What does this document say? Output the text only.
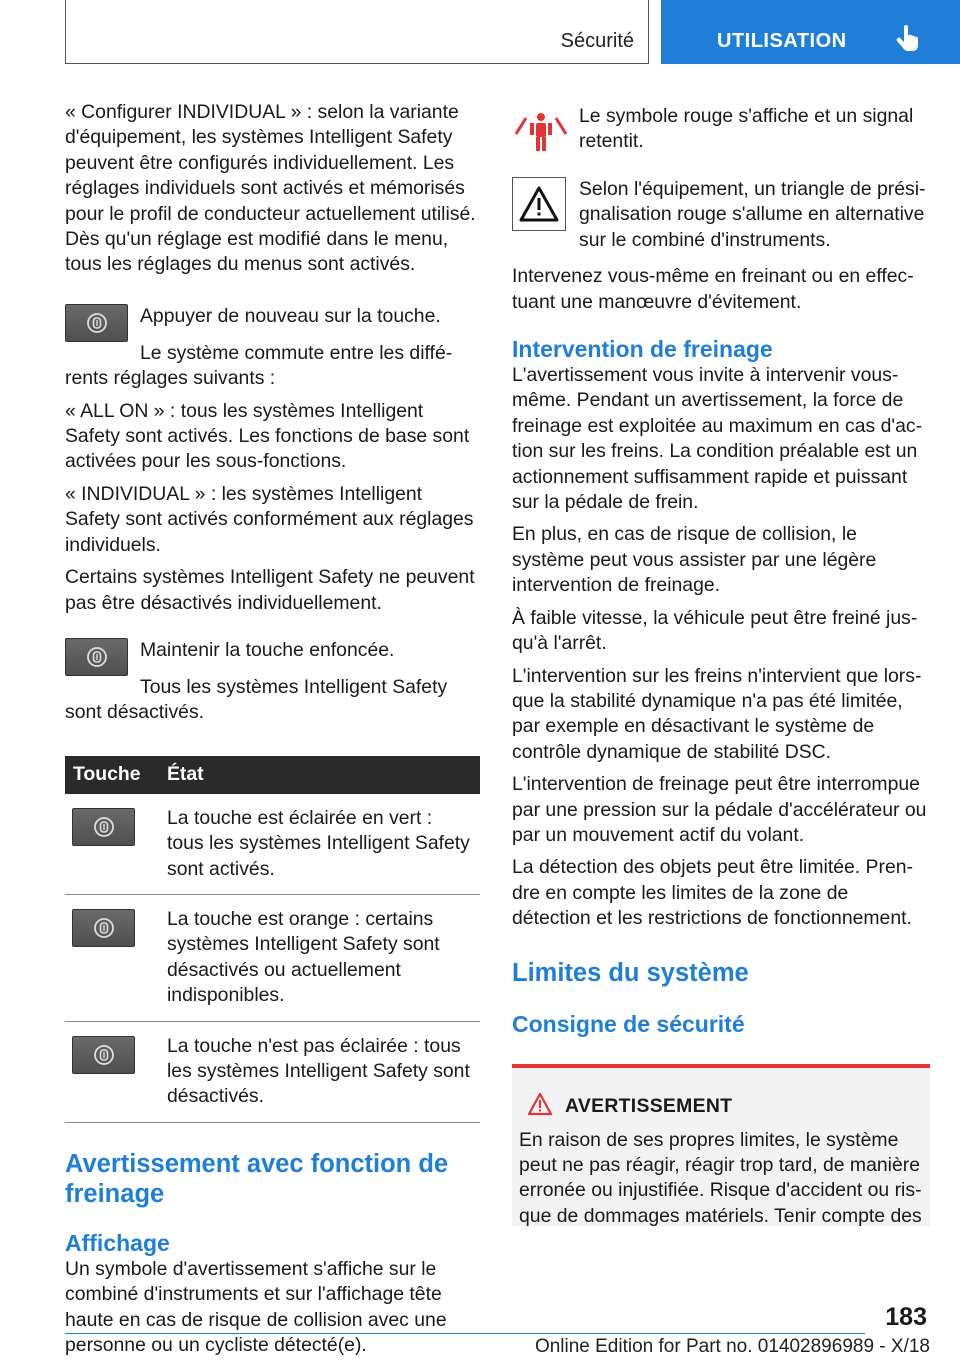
Sécurité	UTILISATION

« Configurer INDIVIDUAL » : selon la variante d'équipement, les systèmes Intelligent Safety peuvent être configurés individuellement. Les réglages individuels sont activés et mémorisés pour le profil de conducteur actuellement utilisé. Dès qu'un réglage est modifié dans le menu, tous les réglages du menus sont activés.

Appuyer de nouveau sur la touche.

Le système commute entre les différents réglages suivants :

« ALL ON » : tous les systèmes Intelligent Safety sont activés. Les fonctions de base sont activées pour les sous-fonctions.

« INDIVIDUAL » : les systèmes Intelligent Safety sont activés conformément aux réglages individuels.

Certains systèmes Intelligent Safety ne peuvent pas être désactivés individuellement.

Maintenir la touche enfoncée.

Tous les systèmes Intelligent Safety sont désactivés.

Touche	État

	La touche est éclairée en vert : tous les systèmes Intelligent Safety sont activés.

	La touche est orange : certains systèmes Intelligent Safety sont désactivés ou actuellement indisponibles.

	La touche n'est pas éclairée : tous les systèmes Intelligent Safety sont désactivés.
Avertissement avec fonction de freinage
Affichage

Un symbole d'avertissement s'affiche sur le combiné d'instruments et sur l'affichage tête haute en cas de risque de collision avec une personne ou un cycliste détecté(e).

Le symbole rouge s'affiche et un signal retentit.

Selon l'équipement, un triangle de présignalisation rouge s'allume en alternative sur le combiné d'instruments.

Intervenez vous-même en freinant ou en effectuant une manœuvre d'évitement.

Intervention de freinage

L'avertissement vous invite à intervenir vous-même. Pendant un avertissement, la force de freinage est exploitée au maximum en cas d'action sur les freins. La condition préalable est un actionnement suffisamment rapide et puissant sur la pédale de frein.

En plus, en cas de risque de collision, le système peut vous assister par une légère intervention de freinage.

À faible vitesse, la véhicule peut être freiné jusqu'à l'arrêt.

L'intervention sur les freins n'intervient que lorsque la stabilité dynamique n'a pas été limitée, par exemple en désactivant le système de contrôle dynamique de stabilité DSC.

L'intervention de freinage peut être interrompue par une pression sur la pédale d'accélérateur ou par un mouvement actif du volant.

La détection des objets peut être limitée. Prendre en compte les limites de la zone de détection et les restrictions de fonctionnement.

Limites du système
Consigne de sécurité
AVERTISSEMENT

En raison de ses propres limites, le système peut ne pas réagir, réagir trop tard, de manière erronée ou injustifiée. Risque d'accident ou risque de dommages matériels. Tenir compte des

183
Online Edition for Part no. 01402896989 - X/18
